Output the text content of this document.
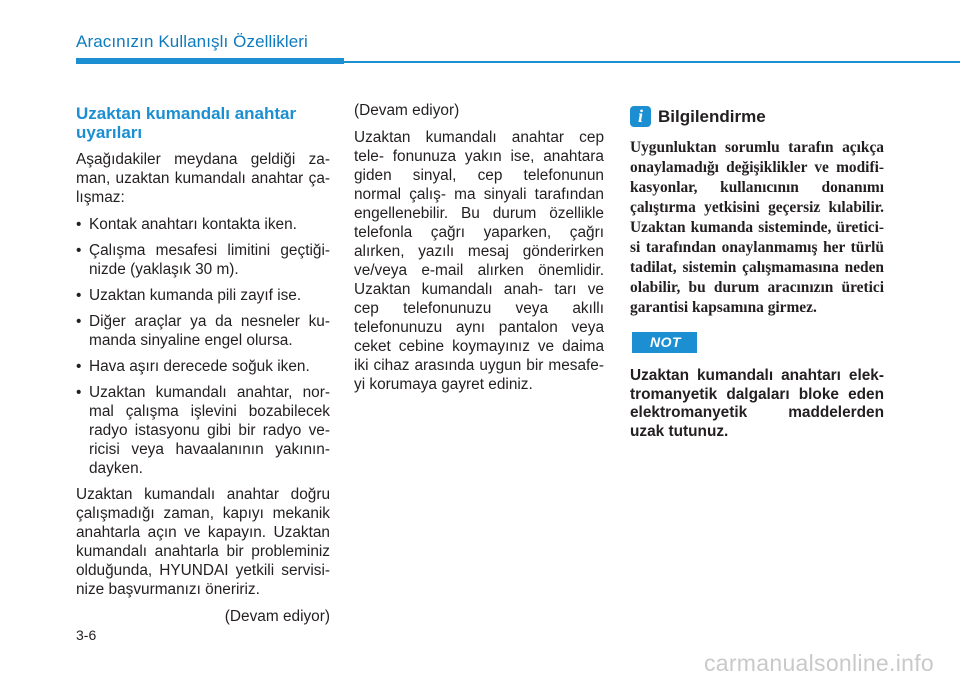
Aracınızın Kullanışlı Özellikleri
Uzaktan kumandalı anahtar uyarıları

Aşağıdakiler meydana geldiği za- man, uzaktan kumandalı anahtar ça- lışmaz:

• Kontak anahtarı kontakta iken.
• Çalışma mesafesi limitini geçtiği- nizde (yaklaşık 30 m).
• Uzaktan kumanda pili zayıf ise.
• Diğer araçlar ya da nesneler ku- manda sinyaline engel olursa.
• Hava aşırı derecede soğuk iken.
• Uzaktan kumandalı anahtar, nor- mal çalışma işlevini bozabilecek radyo istasyonu gibi bir radyo ve- ricisi veya havaalanının yakının- dayken.

Uzaktan kumandalı anahtar doğru çalışmadığı zaman, kapıyı mekanik anahtarla açın ve kapayın. Uzaktan kumandalı anahtarla bir probleminiz olduğunda, HYUNDAI yetkili servisi- nize başvurmanızı öneririz.

(Devam ediyor)

(Devam ediyor)

Uzaktan kumandalı anahtar cep tele- fonunuza yakın ise, anahtara giden sinyal, cep telefonunun normal çalış- ma sinyali tarafından engellenebilir. Bu durum özellikle telefonla çağrı yaparken, çağrı alırken, yazılı mesaj gönderirken ve/veya e-mail alırken önemlidir. Uzaktan kumandalı anah- tarı ve cep telefonunuzu veya akıllı telefonunuzu aynı pantalon veya ceket cebine koymayınız ve daima iki cihaz arasında uygun bir mesafe- yi korumaya gayret ediniz.

i Bilgilendirme

Uygunluktan sorumlu tarafın açıkça onaylamadığı değişiklikler ve modifi- kasyonlar, kullanıcının donanımı çalıştırma yetkisini geçersiz kılabilir. Uzaktan kumanda sisteminde, üretici- si tarafından onaylanmamış her türlü tadilat, sistemin çalışmamasına neden olabilir, bu durum aracınızın üretici garantisi kapsamına girmez.

NOT

Uzaktan kumandalı anahtarı elek- tromanyetik dalgaları bloke eden elektromanyetik maddelerden uzak tutunuz.

3-6
carmanualsonline.info
